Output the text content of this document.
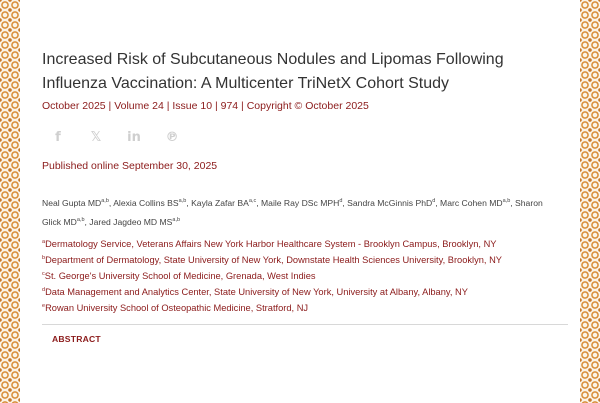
Increased Risk of Subcutaneous Nodules and Lipomas Following Influenza Vaccination: A Multicenter TriNetX Cohort Study

October 2025 | Volume 24 | Issue 10 | 974 | Copyright © October 2025

f	𝕏 in ℗

Published online September 30, 2025

Neal Gupta MD$^{a,b}$, Alexia Collins BS$^{a,b}$, Kayla Zafar BA$^{a,c}$, Maile Ray DSc MPH$^d$, Sandra McGinnis PhD$^d$, Marc Cohen MD$^{a,b}$, Sharon Glick MD$^{a,b}$, Jared Jagdeo MD MS$^{a,b}$

$^a$Dermatology Service, Veterans Affairs New York Harbor Healthcare System - Brooklyn Campus, Brooklyn, NY
$^b$Department of Dermatology, State University of New York, Downstate Health Sciences University, Brooklyn, NY
$^c$St. George's University School of Medicine, Grenada, West Indies
$^d$Data Management and Analytics Center, State University of New York, University at Albany, Albany, NY
$^e$Rowan University School of Osteopathic Medicine, Stratford, NJ
ABSTRACT
